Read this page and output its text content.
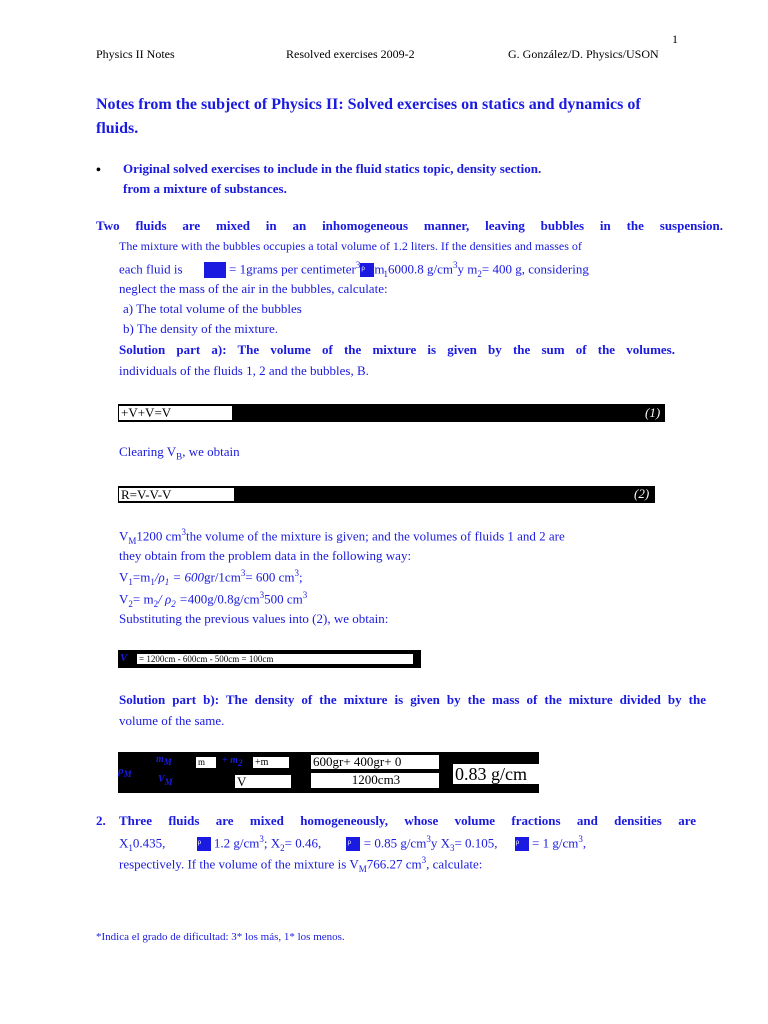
1
Physics II Notes	Resolved exercises 2009-2	G. González/D. Physics/USON
Notes from the subject of Physics II: Solved exercises on statics and dynamics of
fluids.
• Original solved exercises to include in the fluid statics topic, density section.
from a mixture of substances.
Two fluids are mixed in an inhomogeneous manner, leaving bubbles in the suspension.
The mixture with the bubbles occupies a total volume of 1.2 liters. If the densities and masses of
each fluid is	= 1grams per centimeter$^3$ρ $m_16000.8$ $g/cm^3y$ $m_2= 400$ g, considering
neglect the mass of the air in the bubbles, calculate:
a) The total volume of the bubbles
b) The density of the mixture.
Solution part a): The volume of the mixture is given by the sum of the volumes.
individuals of the fluids 1, 2 and the bubbles, B.
+V+V=V	(1)
Clearing $V_B$, we obtain
R=V-V-V	(2)
$V_M1200$ $cm^3the$ volume of the mixture is given; and the volumes of fluids 1 and 2 are
they obtain from the problem data in the following way:
$V_1=m_1/\rho_1 = 600gr/1cm^3= 600$ $cm^3$;
$V_2= m_2/$ $\rho_2 =400g/0.8g/cm^3500$ $cm^3$
Substituting the previous values into (2), we obtain:
V	= 1200cm - 600cm - 500cm = 100cm
Solution part b): The density of the mixture is given by the mass of the mixture divided by the
volume of the same.
$\rho_M$
$m_M$
$V_M$
m	+ $m_2$	+m
V
600gr+ 400gr+ 0
1200cm3	0.83 g/cm
2. Three fluids are mixed homogeneously, whose volume fractions and densities are
$X_10.435$,	ρ 1.2 $g/cm^3$; $X_2= 0.46$,	ρ = 0.85 $g/cm^3y$ $X_3= 0.105$,	ρ = 1 $g/cm^3$,
respectively. If the volume of the mixture is $V_M766.27$ $cm^3$, calculate:
*Indica el grado de dificultad: 3* los más, 1* los menos.
